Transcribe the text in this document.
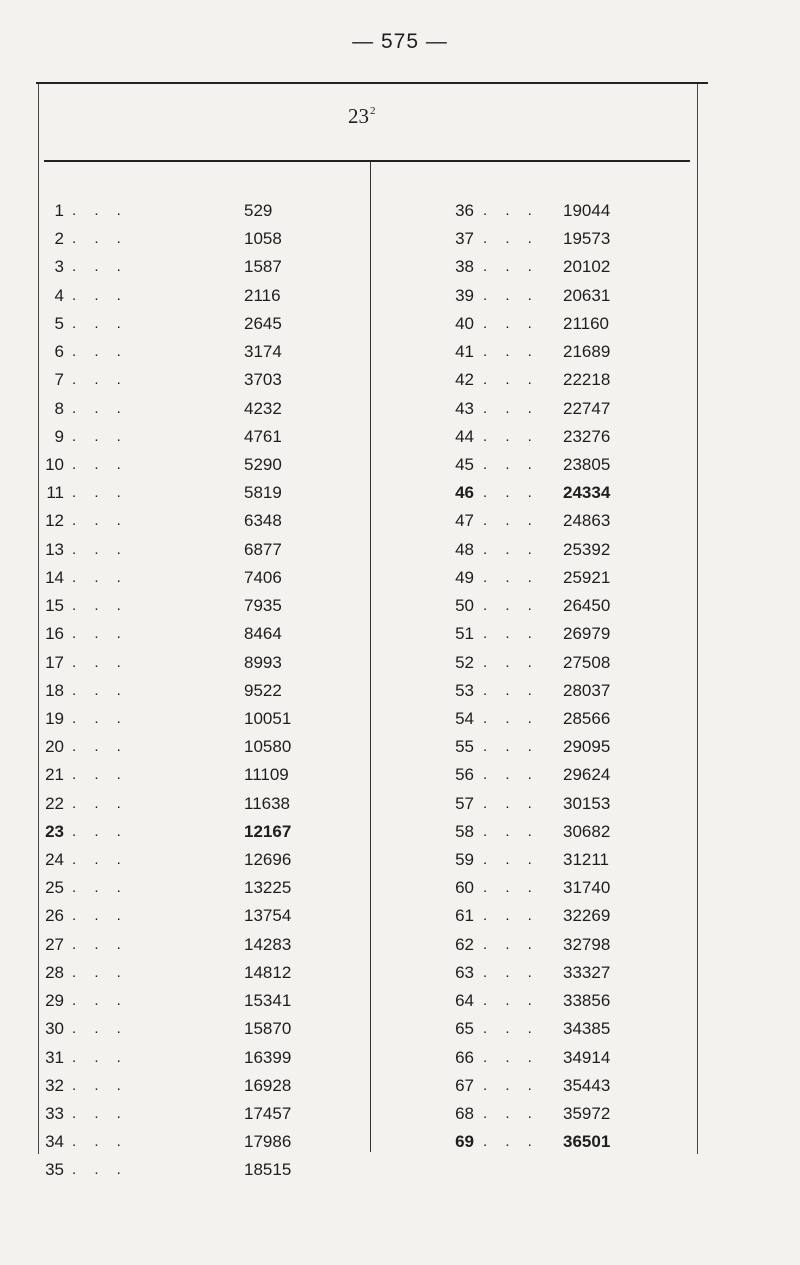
— 575 —
$23^2$
1 . . .	529	36 . . . 19044
2 . . .	1058	37 . . . 19573
3 . . .	1587	38 . . . 20102
4 . . .	2116	39 . . . 20631
5 . . .	2645	40 . . . 21160
6 . . .	3174	41 . . . 21689
7 . . .	3703	42 . . . 22218
8 . . .	4232	43 . . . 22747
9 . . .	4761	44 . . . 23276
10 . . .	5290	45 . . . 23805
11 . . .	5819	46 . . . 24334
12 . . .	6348	47 . . . 24863
13 . . .	6877	48 . . . 25392
14 . . .	7406	49 . . . 25921
15 . . .	7935	50 . . . 26450
16 . . .	8464	51 . . . 26979
17 . . .	8993	52 . . . 27508
18 . . .	9522	53 . . . 28037
19 . . .	10051	54 . . . 28566
20 . . .	10580	55 . . . 29095
21 . . .	11109	56 . . . 29624
22 . . .	11638	57 . . . 30153
23 . . .	12167	58 . . . 30682
24 . . .	12696	59 . . . 31211
25 . . .	13225	60 . . . 31740
26 . . .	13754	61 . . . 32269
27 . . .	14283	62 . . . 32798
28 . . .	14812	63 . . . 33327
29 . . .	15341	64 . . . 33856
30 . . .	15870	65 . . . 34385
31 . . .	16399	66 . . . 34914
32 . . .	16928	67 . . . 35443
33 . . .	17457	68 . . . 35972
34 . . .	17986	69 . . . 36501
35 . . .	18515
